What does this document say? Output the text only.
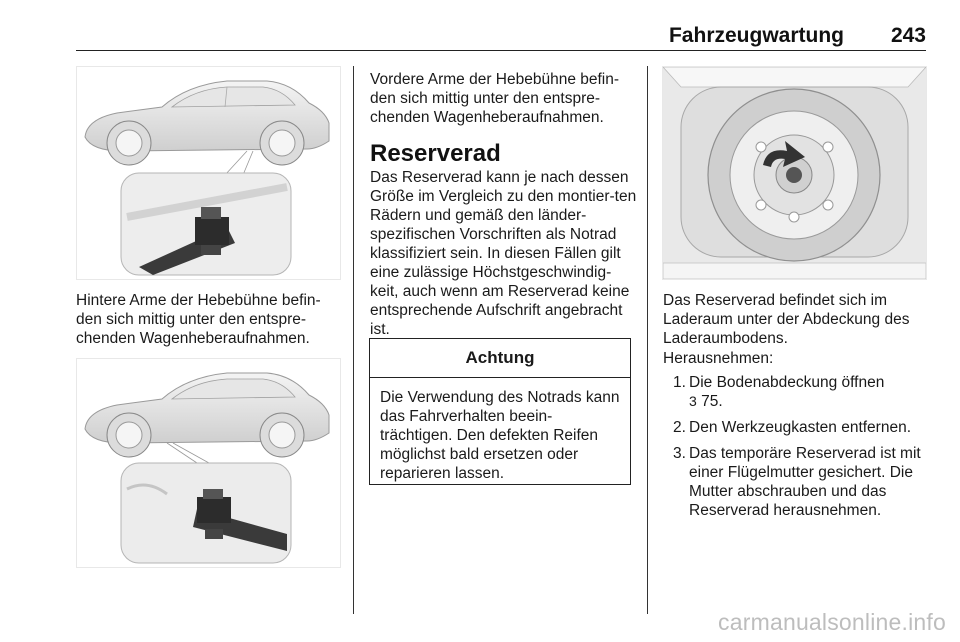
Fahrzeugwartung 243

Hintere Arme der Hebebühne befin-den sich mittig unter den entspre-chenden Wagenheberaufnahmen.

Vordere Arme der Hebebühne befin-den sich mittig unter den entspre-chenden Wagenheberaufnahmen.

Reserverad

Das Reserverad kann je nach dessen Größe im Vergleich zu den montier-ten Rädern und gemäß den länder-spezifischen Vorschriften als Notrad klassifiziert sein. In diesen Fällen gilt eine zulässige Höchstgeschwindig-keit, auch wenn am Reserverad keine entsprechende Aufschrift angebracht ist.

Achtung
Die Verwendung des Notrads kann das Fahrverhalten beein-trächtigen. Den defekten Reifen möglichst bald ersetzen oder reparieren lassen.

Das Reserverad befindet sich im Laderaum unter der Abdeckung des Laderaumbodens.

Herausnehmen:

1. Die Bodenabdeckung öffnen
3 75.
2. Den Werkzeugkasten entfernen.
3. Das temporäre Reserverad ist mit einer Flügelmutter gesichert. Die Mutter abschrauben und das Reserverad herausnehmen.
carmanualsonline.info
